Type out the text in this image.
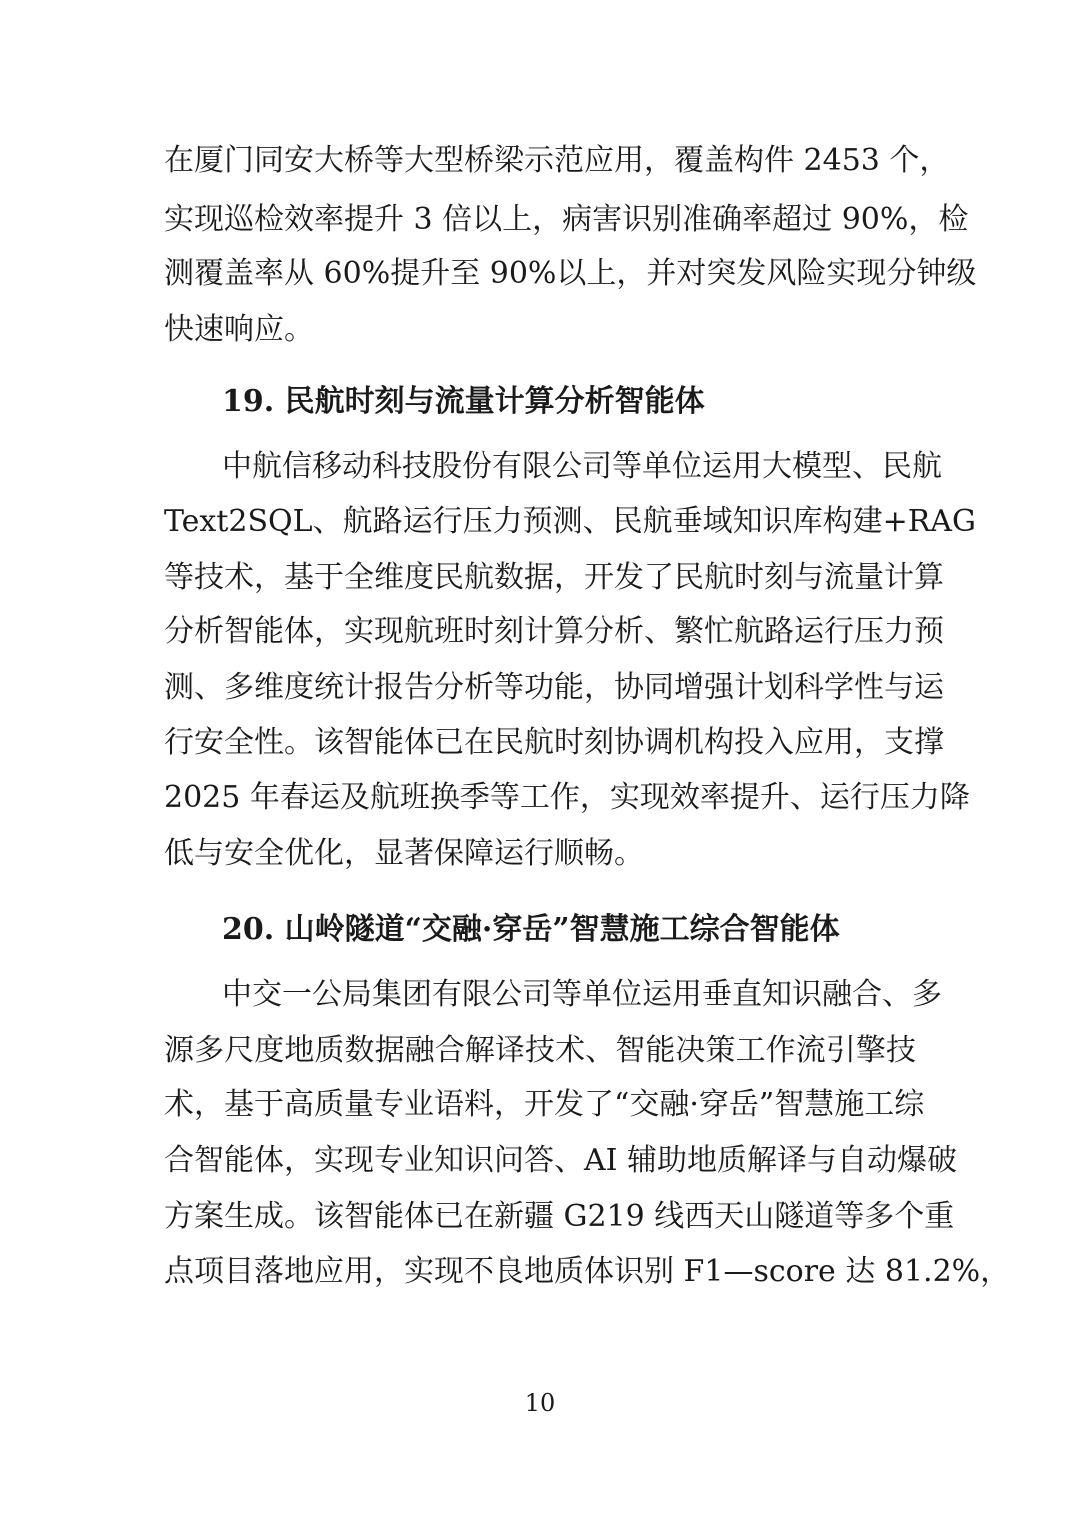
在厦门同安大桥等大型桥梁示范应用，覆盖构件 2453 个，
实现巡检效率提升 3 倍以上，病害识别准确率超过 90%，检
测覆盖率从 60%提升至 90%以上，并对突发风险实现分钟级
快速响应。
19. 民航时刻与流量计算分析智能体
中航信移动科技股份有限公司等单位运用大模型、民航
Text2SQL、航路运行压力预测、民航垂域知识库构建+RAG
等技术，基于全维度民航数据，开发了民航时刻与流量计算
分析智能体，实现航班时刻计算分析、繁忙航路运行压力预
测、多维度统计报告分析等功能，协同增强计划科学性与运
行安全性。该智能体已在民航时刻协调机构投入应用，支撑
2025 年春运及航班换季等工作，实现效率提升、运行压力降
低与安全优化，显著保障运行顺畅。
20. 山岭隧道“交融·穿岳”智慧施工综合智能体
中交一公局集团有限公司等单位运用垂直知识融合、多
源多尺度地质数据融合解译技术、智能决策工作流引擎技
术，基于高质量专业语料，开发了“交融·穿岳”智慧施工综
合智能体，实现专业知识问答、AI 辅助地质解译与自动爆破
方案生成。该智能体已在新疆 G219 线西天山隧道等多个重
点项目落地应用，实现不良地质体识别 F1—score 达 81.2%，
10
